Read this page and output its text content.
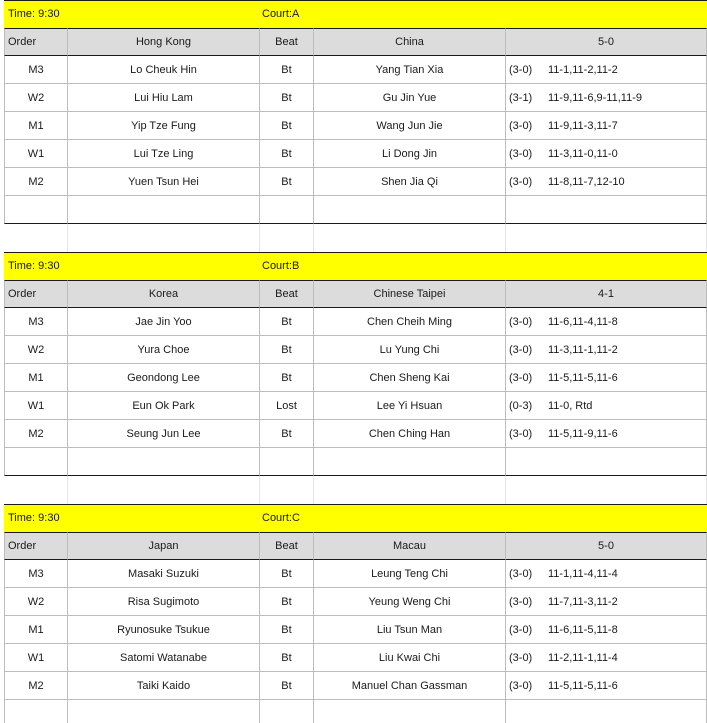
Time: 9:30	Court:A
Order	Hong Kong	Beat	China	5-0
M3	Lo Cheuk Hin	Bt	Yang Tian Xia	(3-0)	11-1,11-2,11-2
W2	Lui Hiu Lam	Bt	Gu Jin Yue	(3-1)	11-9,11-6,9-11,11-9
M1	Yip Tze Fung	Bt	Wang Jun Jie	(3-0)	11-9,11-3,11-7
W1	Lui Tze Ling	Bt	Li Dong Jin	(3-0)	11-3,11-0,11-0
M2	Yuen Tsun Hei	Bt	Shen Jia Qi	(3-0)	11-8,11-7,12-10
Time: 9:30	Court:B
Order	Korea	Beat	Chinese Taipei	4-1
M3	Jae Jin Yoo	Bt	Chen Cheih Ming	(3-0)	11-6,11-4,11-8
W2	Yura Choe	Bt	Lu Yung Chi	(3-0)	11-3,11-1,11-2
M1	Geondong Lee	Bt	Chen Sheng Kai	(3-0)	11-5,11-5,11-6
W1	Eun Ok Park	Lost	Lee Yi Hsuan	(0-3)	11-0, Rtd
M2	Seung Jun Lee	Bt	Chen Ching Han	(3-0)	11-5,11-9,11-6
Time: 9:30	Court:C
Order	Japan	Beat	Macau	5-0
M3	Masaki Suzuki	Bt	Leung Teng Chi	(3-0)	11-1,11-4,11-4
W2	Risa Sugimoto	Bt	Yeung Weng Chi	(3-0)	11-7,11-3,11-2
M1	Ryunosuke Tsukue	Bt	Liu Tsun Man	(3-0)	11-6,11-5,11-8
W1	Satomi Watanabe	Bt	Liu Kwai Chi	(3-0)	11-2,11-1,11-4
M2	Taiki Kaido	Bt	Manuel Chan Gassman	(3-0)	11-5,11-5,11-6
